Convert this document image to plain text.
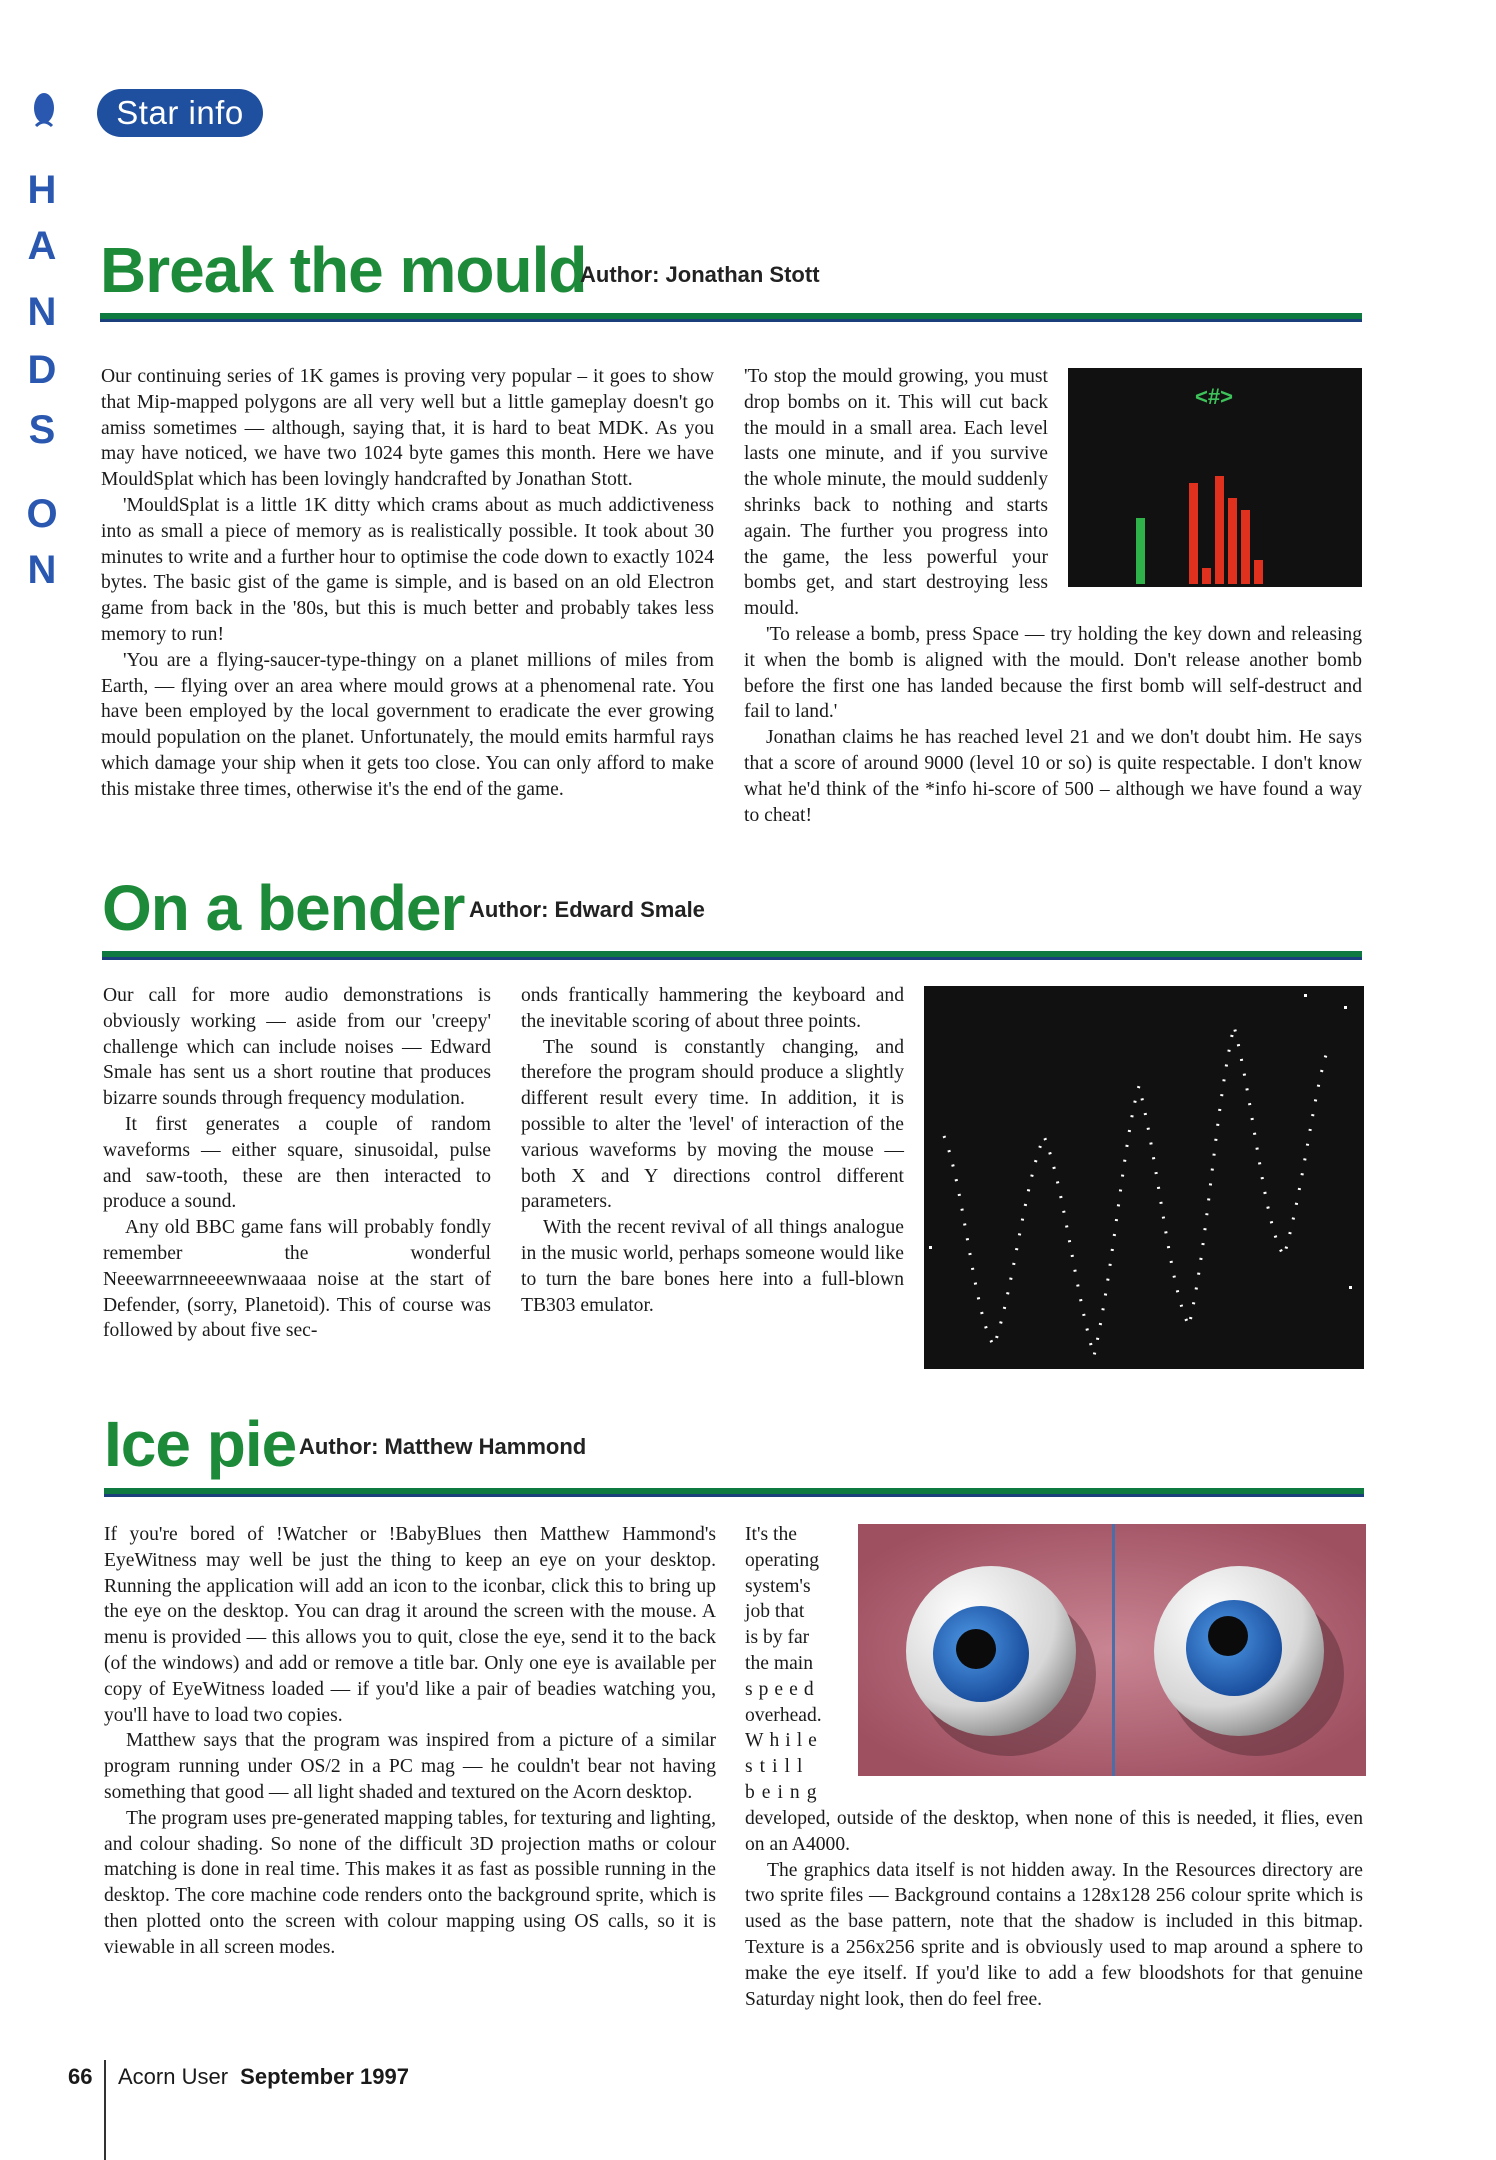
Star info
H
A
N
D
S
O
N
Break the mould
Author: Jonathan Stott

Our continuing series of 1K games is proving very popular – it goes to show that Mip-mapped polygons are all very well but a little gameplay doesn't go amiss sometimes — although, saying that, it is hard to beat MDK. As you may have noticed, we have two 1024 byte games this month. Here we have MouldSplat which has been lovingly handcrafted by Jonathan Stott.

'MouldSplat is a little 1K ditty which crams about as much addictiveness into as small a piece of memory as is realistically possible. It took about 30 minutes to write and a further hour to optimise the code down to exactly 1024 bytes. The basic gist of the game is simple, and is based on an old Electron game from back in the '80s, but this is much better and probably takes less memory to run!

'You are a flying-saucer-type-thingy on a planet millions of miles from Earth, — flying over an area where mould grows at a phenomenal rate. You have been employed by the local government to eradicate the ever growing mould population on the planet. Unfortunately, the mould emits harmful rays which damage your ship when it gets too close. You can only afford to make this mistake three times, otherwise it's the end of the game.

<#>

'To stop the mould growing, you must drop bombs on it. This will cut back the mould in a small area. Each level lasts one minute, and if you survive the whole minute, the mould suddenly shrinks back to nothing and starts again. The further you progress into the game, the less powerful your bombs get, and start destroying less mould.

'To release a bomb, press Space — try holding the key down and releasing it when the bomb is aligned with the mould. Don't release another bomb before the first one has landed because the first bomb will self-destruct and fail to land.'

Jonathan claims he has reached level 21 and we don't doubt him. He says that a score of around 9000 (level 10 or so) is quite respectable. I don't know what he'd think of the *info hi-score of 500 – although we have found a way to cheat!

On a bender Author: Edward Smale

Our call for more audio demonstrations is obviously working — aside from our 'creepy' challenge which can include noises — Edward Smale has sent us a short routine that produces bizarre sounds through frequency modulation.

It first generates a couple of random waveforms — either square, sinusoidal, pulse and saw-tooth, these are then interacted to produce a sound.

Any old BBC game fans will probably fondly remember the wonderful Neeewarrnneeeewnwaaaa noise at the start of Defender, (sorry, Planetoid). This of course was followed by about five sec-

onds frantically hammering the keyboard and the inevitable scoring of about three points.

The sound is constantly changing, and therefore the program should produce a slightly different result every time. In addition, it is possible to alter the 'level' of interaction of the various waveforms by moving the mouse — both X and Y directions control different parameters.

With the recent revival of all things analogue in the music world, perhaps someone would like to turn the bare bones here into a full-blown TB303 emulator.

Ice pie Author: Matthew Hammond

If you're bored of !Watcher or !BabyBlues then Matthew Hammond's EyeWitness may well be just the thing to keep an eye on your desktop. Running the application will add an icon to the iconbar, click this to bring up the eye on the desktop. You can drag it around the screen with the mouse. A menu is provided — this allows you to quit, close the eye, send it to the back (of the windows) and add or remove a title bar. Only one eye is available per copy of EyeWitness loaded — if you'd like a pair of beadies watching you, you'll have to load two copies.

Matthew says that the program was inspired from a picture of a similar program running under OS/2 in a PC mag — he couldn't bear not having something that good — all light shaded and textured on the Acorn desktop.

The program uses pre-generated mapping tables, for texturing and lighting, and colour shading. So none of the difficult 3D projection maths or colour matching is done in real time. This makes it as fast as possible running in the desktop. The core machine code renders onto the background sprite, which is then plotted onto the screen with colour mapping using OS calls, so it is viewable in all screen modes.

It's the
operating
system's
job that
is by far
the main
speed
overhead.
While
still
being

developed, outside of the desktop, when none of this is needed, it flies, even on an A4000.

The graphics data itself is not hidden away. In the Resources directory are two sprite files — Background contains a 128x128 256 colour sprite which is used as the base pattern, note that the shadow is included in this bitmap. Texture is a 256x256 sprite and is obviously used to map around a sphere to make the eye itself. If you'd like to add a few bloodshots for that genuine Saturday night look, then do feel free.

66 Acorn User September 1997
